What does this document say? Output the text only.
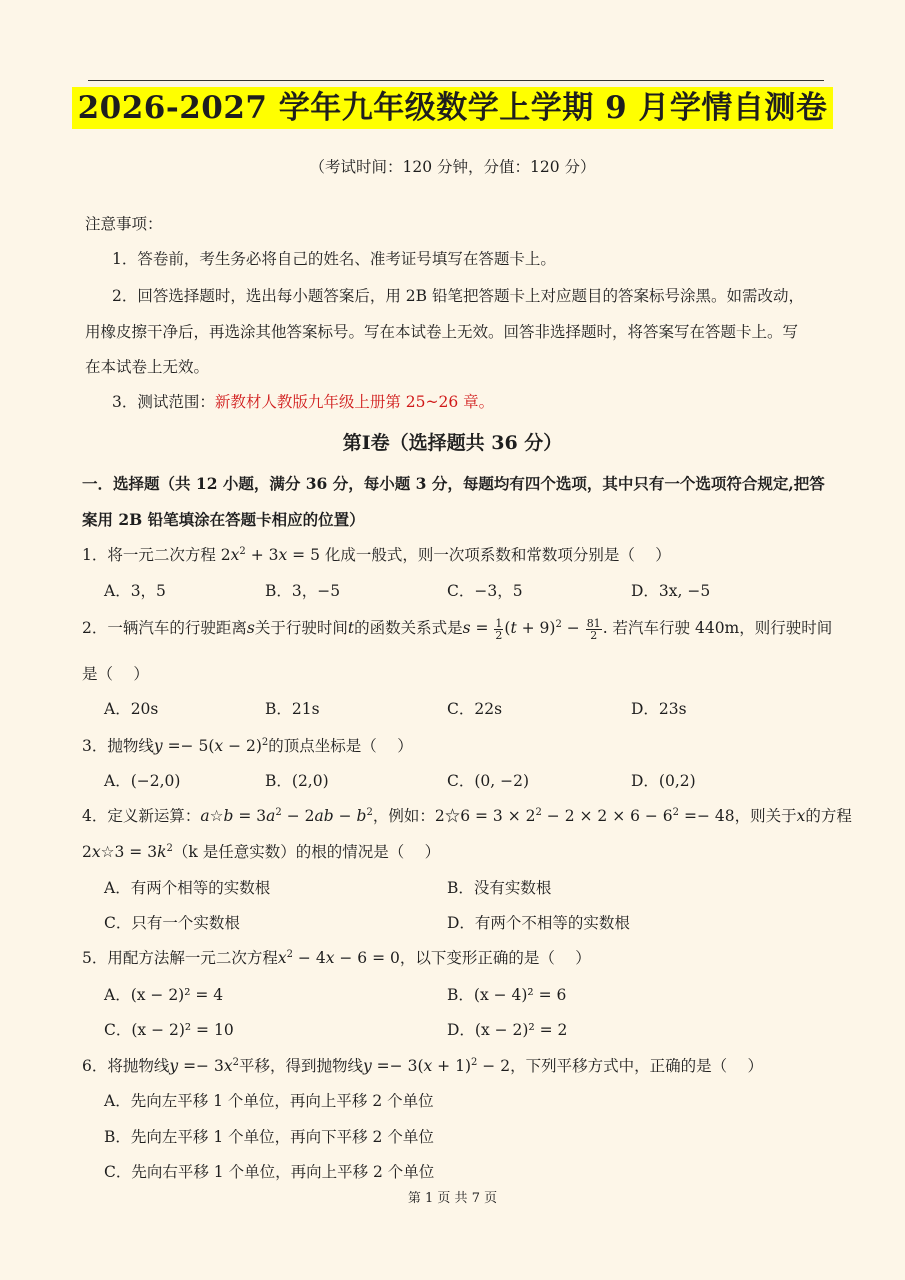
2026-2027 学年九年级数学上学期 9 月学情自测卷
（考试时间：120 分钟，分值：120 分）
注意事项：
1．答卷前，考生务必将自己的姓名、准考证号填写在答题卡上。
2．回答选择题时，选出每小题答案后，用 2B 铅笔把答题卡上对应题目的答案标号涂黑。如需改动，
用橡皮擦干净后，再选涂其他答案标号。写在本试卷上无效。回答非选择题时，将答案写在答题卡上。写
在本试卷上无效。
3．测试范围：新教材人教版九年级上册第 25~26 章。
第I卷（选择题共 36 分）
一．选择题（共 12 小题，满分 36 分，每小题 3 分，每题均有四个选项，其中只有一个选项符合规定,把答
案用 2B 铅笔填涂在答题卡相应的位置）
1．将一元二次方程 $2x^2 + 3x = 5$ 化成一般式，则一次项系数和常数项分别是（　 ）
A．3，5	B．3，−5	C．−3，5	D．3x, −5
2．一辆汽车的行驶距离s关于行驶时间t的函数关系式是$s = \frac{1}{2} (t + 9)^2 - \frac{81}{2}$ . 若汽车行驶 440m，则行驶时间
是（　 ）
A．20s	B．21s	C．22s	D．23s
3．抛物线$y =- 5(x - 2)^2$的顶点坐标是（　 ）
A．(−2,0)	B．(2,0)	C．(0, −2)	D．(0,2)
4．定义新运算：a☆b = $3a^2 - 2ab - b^2$，例如：2☆6 = $3 \times 2^2 - 2 \times 2 \times 6 - 6^2 =- 48$，则关于x的方程
2x☆3 = $3k^2(k$ 是任意实数）的根的情况是（　 ）
A．有两个相等的实数根	B．没有实数根
C．只有一个实数根	D．有两个不相等的实数根
5．用配方法解一元二次方程$x^2 - 4x - 6 = 0$，以下变形正确的是（　 ）
A．(x − 2)² = 4	B．(x − 4)² = 6
C．(x − 2)² = 10	D．(x − 2)² = 2
6．将抛物线$y =- 3x^2$平移，得到抛物线$y =- 3(x + 1)^2 - 2$，下列平移方式中，正确的是（　 ）
A．先向左平移 1 个单位，再向上平移 2 个单位
B．先向左平移 1 个单位，再向下平移 2 个单位
C．先向右平移 1 个单位，再向上平移 2 个单位
第 1 页 共 7 页
